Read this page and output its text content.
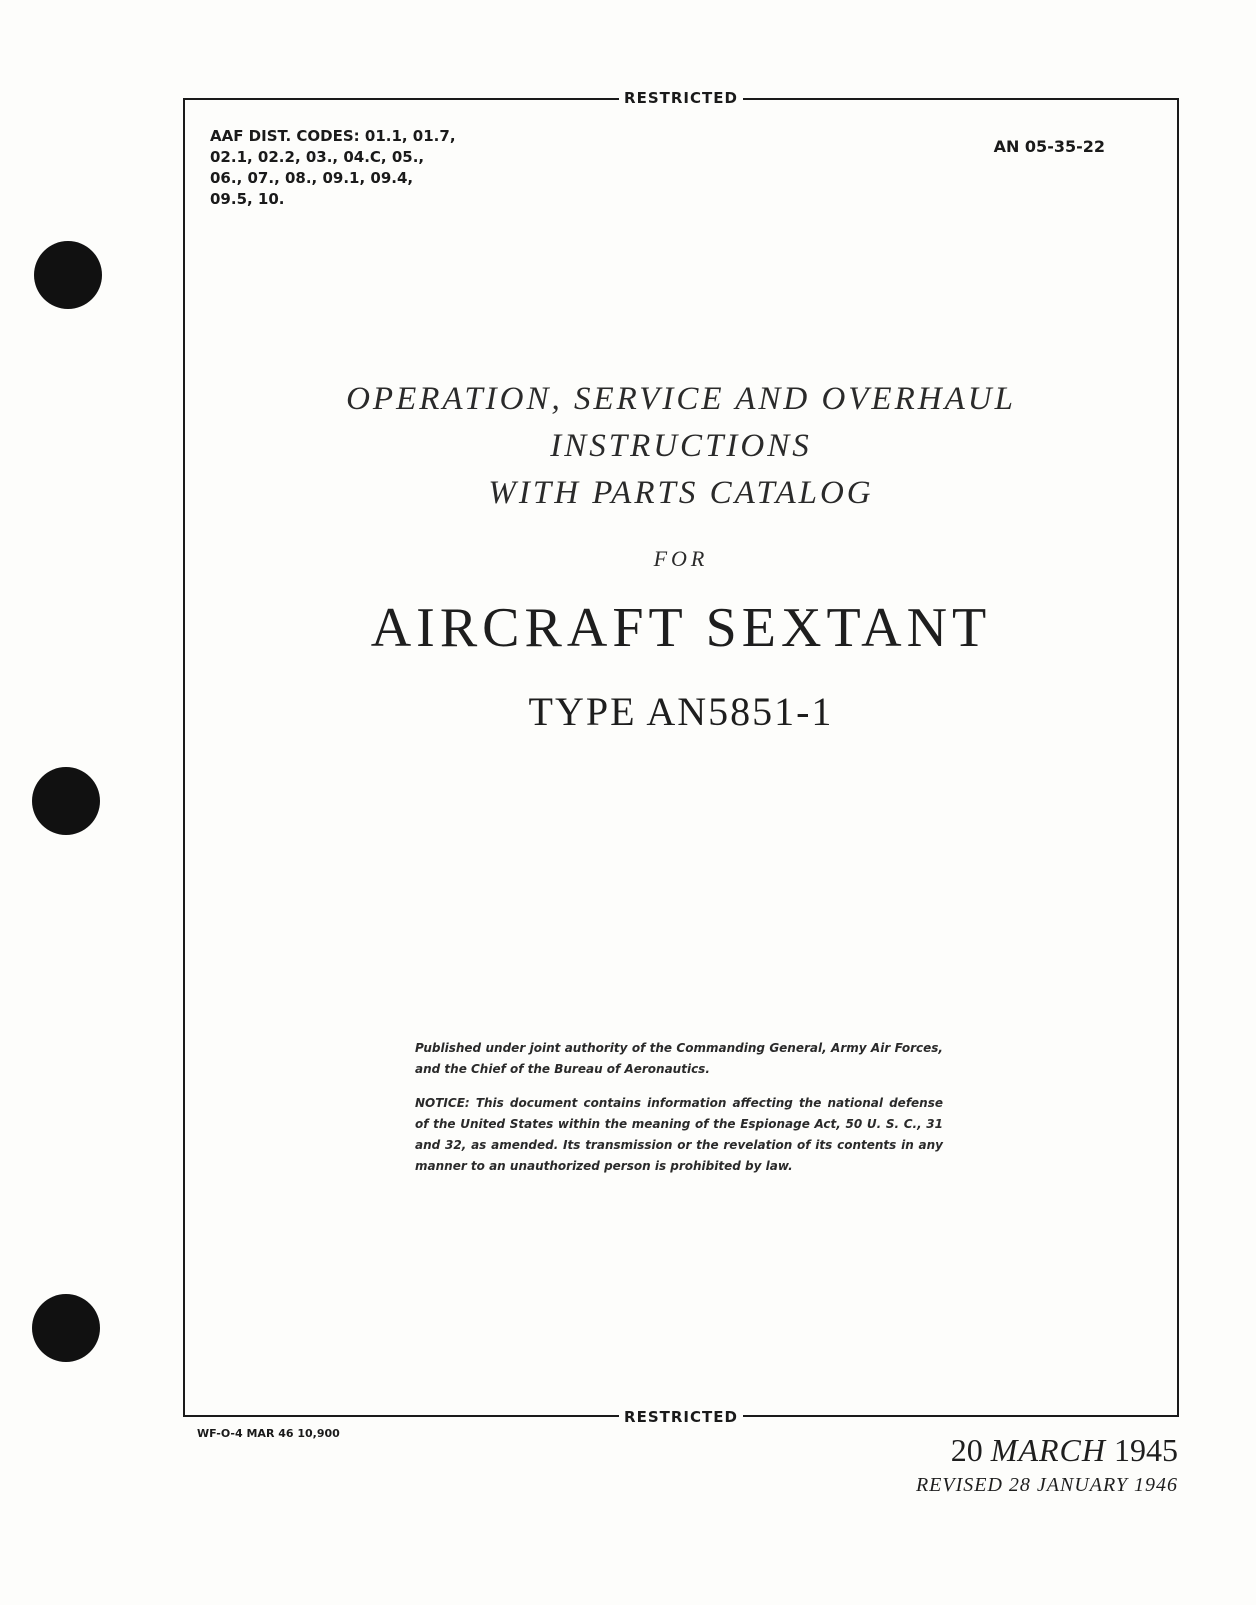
RESTRICTED
AAF DIST. CODES: 01.1, 01.7,
02.1, 02.2, 03., 04.C, 05.,
06., 07., 08., 09.1, 09.4,
09.5, 10.
AN 05-35-22
OPERATION, SERVICE AND OVERHAUL
INSTRUCTIONS
WITH PARTS CATALOG
FOR
AIRCRAFT SEXTANT
TYPE AN5851-1

Published under joint authority of the Commanding General, Army Air Forces, and the Chief of the Bureau of Aeronautics.

NOTICE: This document contains information affecting the national defense of the United States within the meaning of the Espionage Act, 50 U. S. C., 31 and 32, as amended. Its transmission or the revelation of its contents in any manner to an unauthorized person is prohibited by law.

RESTRICTED
WF-O-4 MAR 46 10,900	20 MARCH 1945
REVISED 28 JANUARY 1946
